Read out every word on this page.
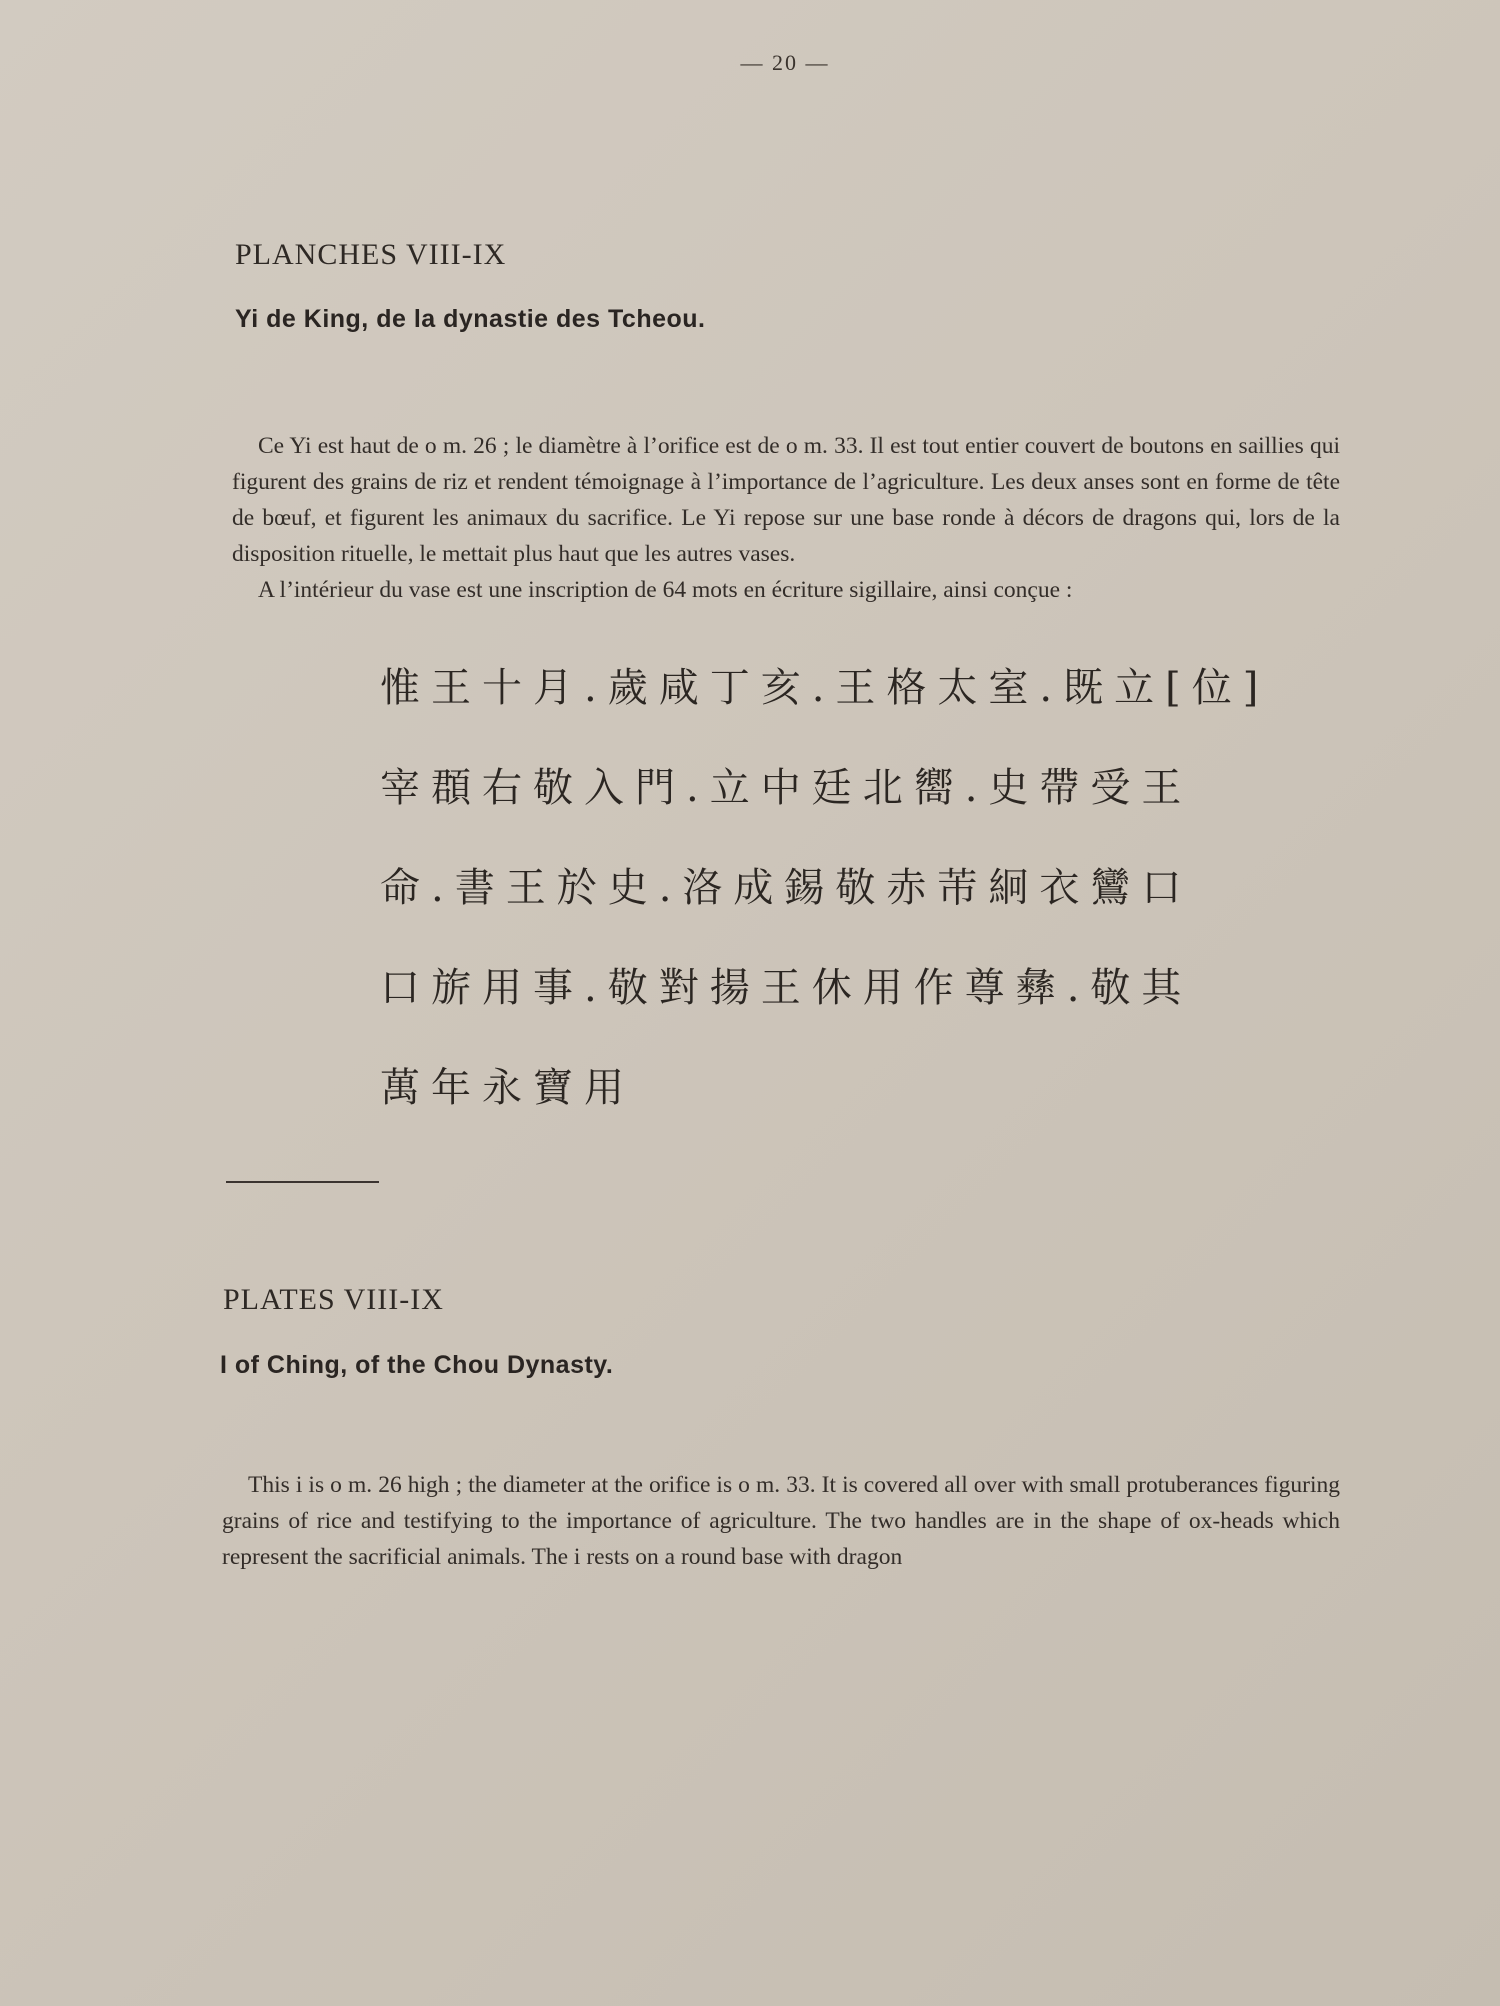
— 20 —
PLANCHES VIII-IX
Yi de King, de la dynastie des Tcheou.

Ce Yi est haut de o m. 26 ; le diamètre à l’orifice est de o m. 33. Il est tout entier couvert de boutons en saillies qui figurent des grains de riz et rendent témoignage à l’importance de l’agriculture. Les deux anses sont en forme de tête de bœuf, et figurent les animaux du sacrifice. Le Yi repose sur une base ronde à décors de dragons qui, lors de la disposition rituelle, le mettait plus haut que les autres vases.

A l’intérieur du vase est une inscription de 64 mots en écriture sigillaire, ainsi conçue :

惟王十月.歲咸丁亥.王格太室.既立[位]
宰頵右敬入門.立中廷北嚮.史帶受王
命.書王於史.洛成錫敬赤芾絅衣鸞口
口旂用事.敬對揚王休用作尊彝.敬其
萬年永寶用
PLATES VIII-IX
I of Ching, of the Chou Dynasty.

This i is o m. 26 high ; the diameter at the orifice is o m. 33. It is covered all over with small protuberances figuring grains of rice and testifying to the importance of agriculture. The two handles are in the shape of ox-heads which represent the sacrificial animals. The i rests on a round base with dragon
